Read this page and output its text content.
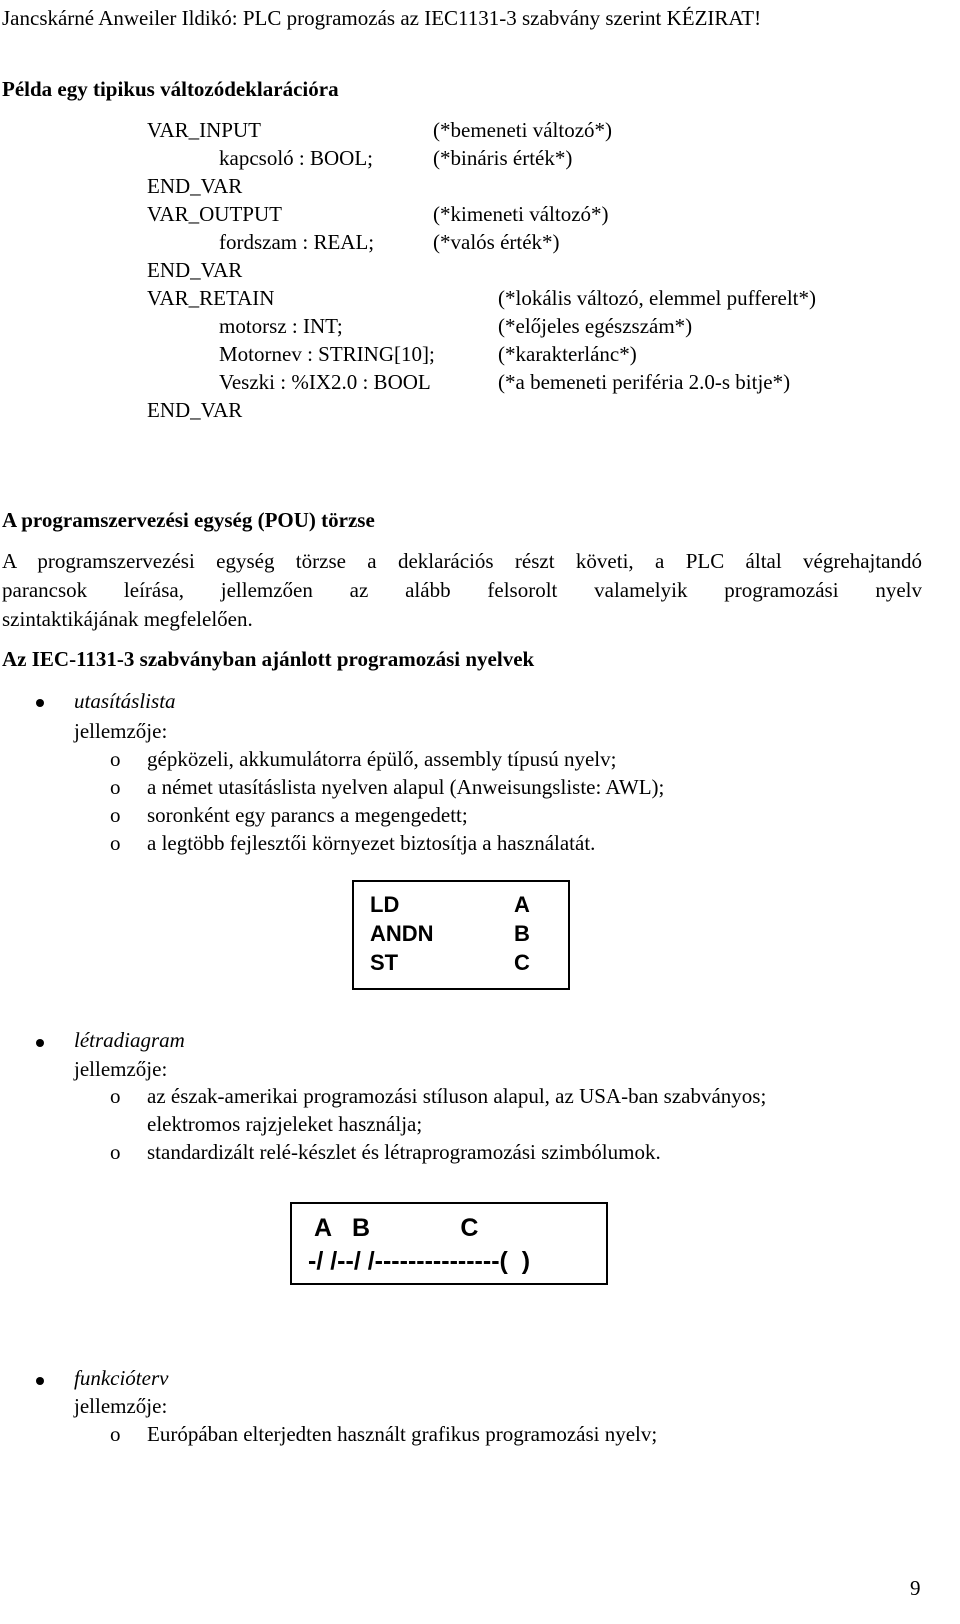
Jancskárné Anweiler Ildikó: PLC programozás az IEC1131-3 szabvány szerint KÉZIRAT!
Példa egy tipikus változódeklarációra
VAR_INPUT	(*bemeneti változó*)
kapcsoló : BOOL;	(*bináris érték*)
END_VAR
VAR_OUTPUT	(*kimeneti változó*)
fordszam : REAL;	(*valós érték*)
END_VAR
VAR_RETAIN	(*lokális változó, elemmel pufferelt*)
motorsz : INT;	(*előjeles egészszám*)
Motornev : STRING[10];	(*karakterlánc*)
Veszki : %IX2.0 : BOOL	(*a bemeneti periféria 2.0-s bitje*)
END_VAR
A programszervezési egység (POU) törzse
A programszervezési egység törzse a deklarációs részt követi, a PLC által végrehajtandó
parancsok leírása, jellemzően az alább felsorolt valamelyik programozási nyelv
szintaktikájának megfelelően.
Az IEC-1131-3 szabványban ajánlott programozási nyelvek
utasításlista
jellemzője:
o gépközeli, akkumulátorra épülő, assembly típusú nyelv;
o a német utasításlista nyelven alapul (Anweisungsliste: AWL);
o soronként egy parancs a megengedett;
o a legtöbb fejlesztői környezet biztosítja a használatát.
LD	A
ANDN	B
ST	C
létradiagram
jellemzője:
o az észak-amerikai programozási stíluson alapul, az USA-ban szabványos;
elektromos rajzjeleket használja;
o standardizált relé-készlet és létraprogramozási szimbólumok.
A   B             C
-/ /--/ /---------------(  )
funkcióterv
jellemzője:
o Európában elterjedten használt grafikus programozási nyelv;
9
